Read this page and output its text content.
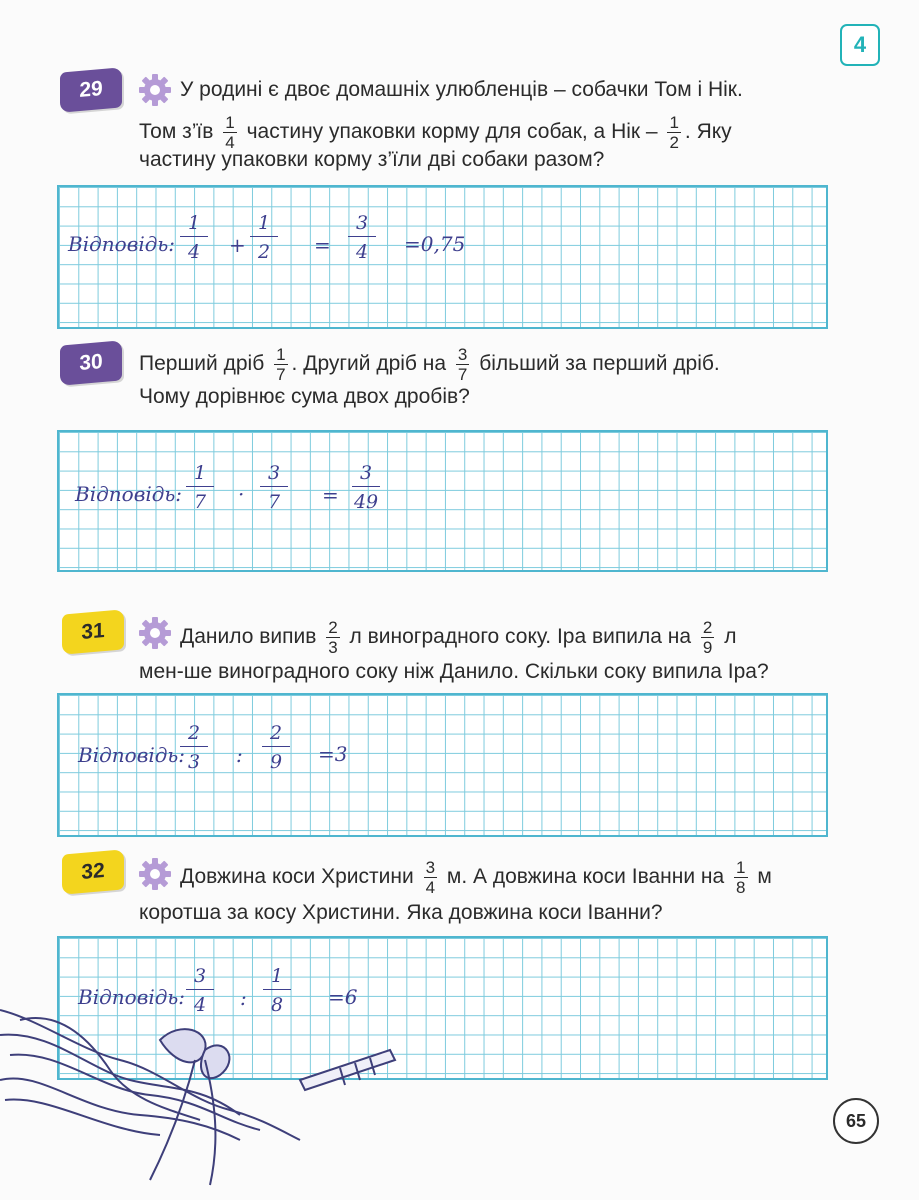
4
29	У родині є двоє домашніх улюбленців – собачки Том і Нік.
Том з’їв $\frac{1}{4}$ частину упаковки корму для собак, а Нік – $\frac{1}{2}$ . Яку
частину упаковки корму з’їли дві собаки разом?
Відповідь: $\frac{1}{4} + \frac{1}{2} = \frac{3}{4} =0,75$
30	Перший дріб $\frac{1}{7}$ . Другий дріб на $\frac{3}{7}$ більший за перший дріб.
Чому дорівнює сума двох дробів?
Відповідь: $\frac{1}{7} \cdot \frac{3}{7} = \frac{3}{49}$
31	Данило випив $\frac{2}{3}$ л виноградного соку. Іра випила на $\frac{2}{9}$ л
мен-ше виноградного соку ніж Данило. Скільки соку випила Іра?
Відповідь:
$\frac{2}{3}$ : $\frac{2}{9} =3$
32	Довжина коси Христини $\frac{3}{4} м$. А довжина коси Іванни на $\frac{1}{8}$ м
коротша за косу Христини. Яка довжина коси Іванни?
Відповідь: $\frac{3}{4}$ : $\frac{1}{8} =6$
65
